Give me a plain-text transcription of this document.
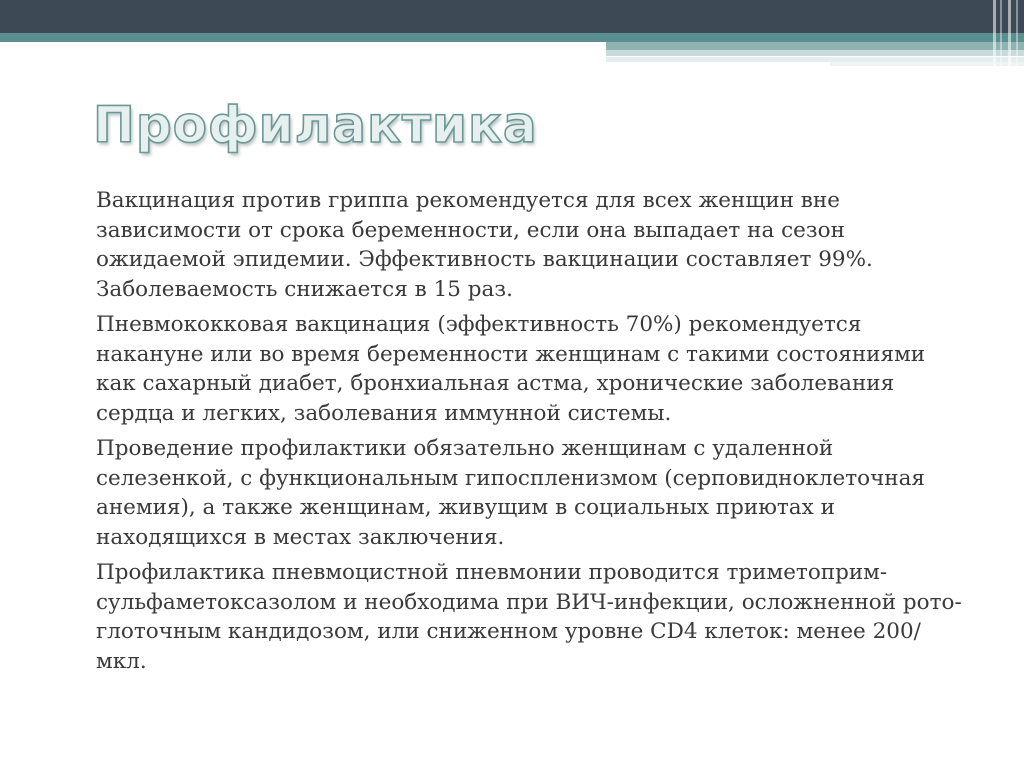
Профилактика

Вакцинация против гриппа рекомендуется для всех женщин вне зависимости от срока беременности, если она выпадает на сезон ожидаемой эпидемии. Эффективность вакцинации составляет 99%. Заболеваемость снижается в 15 раз.

Пневмококковая вакцинация (эффективность 70%) рекомендуется накануне или во время беременности женщинам с такими состояниями как сахарный диабет, бронхиальная астма, хронические заболевания сердца и легких, заболевания иммунной системы.

Проведение профилактики обязательно женщинам с удаленной селезенкой, с функциональным гипоспленизмом (серповидноклеточная анемия), а также женщинам, живущим в социальных приютах и находящихся в местах заключения.

Профилактика пневмоцистной пневмонии проводится триметоприм-сульфаметоксазолом и необходима при ВИЧ-инфекции, осложненной рото-глоточным кандидозом, или сниженном уровне CD4 клеток: менее 200/мкл.
